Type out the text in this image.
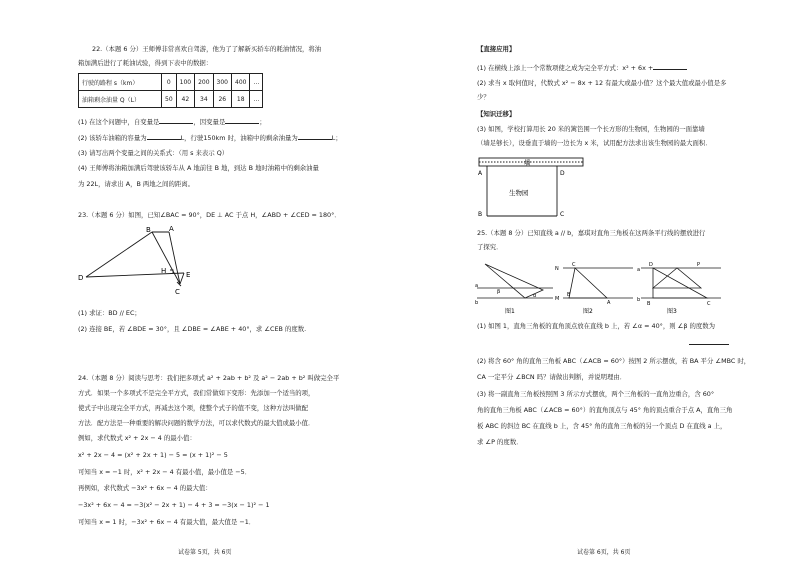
22.（本题 6 分）王师傅非常喜欢自驾游，他为了了解新买轿车的耗油情况，将油
箱加满后进行了耗油试验，得到下表中的数据：
行驶的路程 s（km）	0	100	200	300	400	…
油箱剩余油量 Q（L）	50	42	34	26	18	…
(1) 在这个问题中，自变量是	，因变量是	；
(2) 该轿车油箱的容量为	L，行驶150km 时，油箱中的剩余油量为	L；
(3) 请写出两个变量之间的关系式：（用 s 来表示 Q）
(4) 王师傅将油箱加满后驾驶该轿车从 A 地前往 B 地，到达 B 地时油箱中的剩余油量
为 22L，请求出 A，B 两地之间的距离。
23.（本题 6 分）如图，已知∠BAC = 90°，DE ⊥ AC 于点 H，∠ABD + ∠CED = 180°．
B	A
D
H	E
C
(1) 求证：BD // EC；
(2) 连接 BE，若 ∠BDE = 30°，且 ∠DBE = ∠ABE + 40°，求 ∠CEB 的度数.
24.（本题 8 分）阅读与思考：我们把多项式 a² + 2ab + b² 及 a² − 2ab + b² 叫做完全平
方式．如果一个多项式不是完全平方式，我们常做如下变形：先添加一个适当的项，
使式子中出现完全平方式，再减去这个项，使整个式子的值不变，这种方法叫做配
方法．配方法是一种重要的解决问题的数学方法，可以求代数式的最大值或最小值．
例如，求代数式 x² + 2x − 4 的最小值：
x² + 2x − 4 = (x² + 2x + 1) − 5 = (x + 1)² − 5
可知当 x = −1 时，x² + 2x − 4 有最小值，最小值是 −5．
再例如，求代数式 −3x² + 6x − 4 的最大值：
−3x² + 6x − 4 = −3(x² − 2x + 1) − 4 + 3 = −3(x − 1)² − 1
可知当 x = 1 时，−3x² + 6x − 4 有最大值，最大值是 −1．
试卷第 5页，共 6页
【直接应用】
(1) 在横线上添上一个常数项使之成为完全平方式：x² + 6x +
(2) 求当 x 取何值时，代数式 x² − 8x + 12 有最大或最小值？这个最大值或最小值是多
少？
【知识迁移】
(3) 如图，学校打算用长 20 米的篱笆围一个长方形的生物园，生物园的一面靠墙
（墙足够长），设垂直于墙的一边长为 x 米，试用配方法求出该生物园的最大面积．
墙
生物园
A	D
B	C
25.（本题 8 分）已知直线 a // b，嘉琪对直角三角板在这两条平行线的摆放进行
了探究．
a
b
β
α
图1
N
M
C
B
A
图2
D	P
B	C
a
b
图3
(1) 如图 1，直角三角板的直角顶点放在直线 b 上，若 ∠α = 40°，则 ∠β 的度数为
(2) 将含 60° 角的直角三角板 ABC（∠ACB = 60°）按图 2 所示摆放，若 BA 平分 ∠MBC 时，
CA 一定平分 ∠BCN 吗？请做出判断，并说明理由．
(3) 将一副直角三角板按照图 3 所示方式摆放，两个三角板的一直角边重合，含 60°
角的直角三角板 ABC（∠ACB = 60°）的直角顶点与 45° 角的顶点重合于点 A，直角三角
板 ABC 的斜边 BC 在直线 b 上，含 45° 角的直角三角板的另一个顶点 D 在直线 a 上，
求 ∠P 的度数．
试卷第 6页，共 6页
